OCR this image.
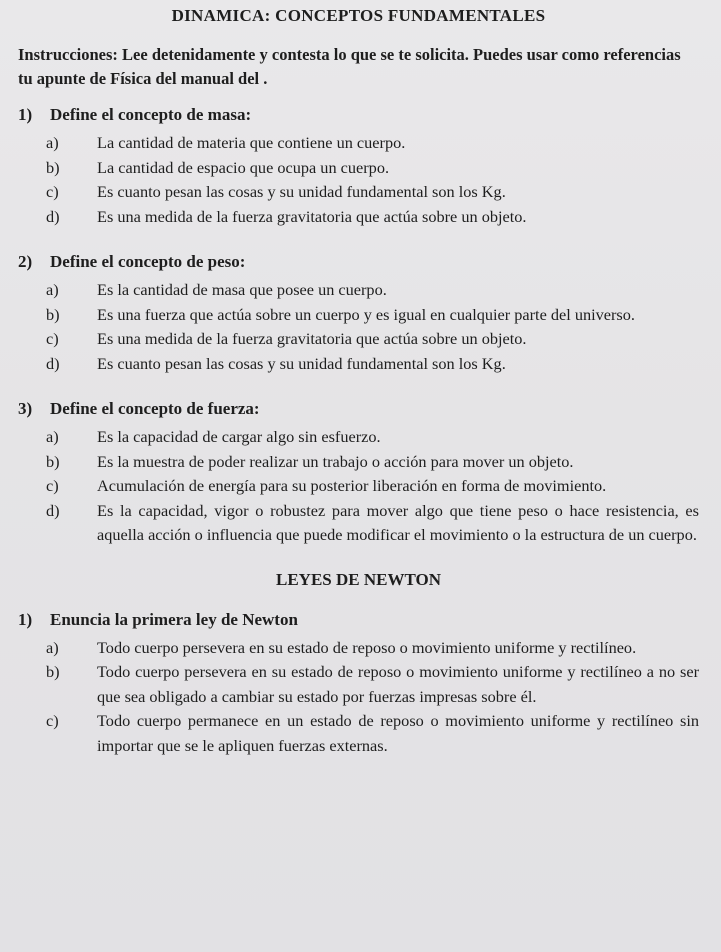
DINAMICA: CONCEPTOS FUNDAMENTALES
Instrucciones: Lee detenidamente y contesta lo que se te solicita. Puedes usar como referencias tu apunte de Física del manual del .
1)	Define el concepto de masa:
a)	La cantidad de materia que contiene un cuerpo.
b)	La cantidad de espacio que ocupa un cuerpo.
c)	Es cuanto pesan las cosas y su unidad fundamental son los Kg.
d)	Es una medida de la fuerza gravitatoria que actúa sobre un objeto.
2)	Define el concepto de peso:
a)	Es la cantidad de masa que posee un cuerpo.
b)	Es una fuerza que actúa sobre un cuerpo y es igual en cualquier parte del universo.
c)	Es una medida de la fuerza gravitatoria que actúa sobre un objeto.
d)	Es cuanto pesan las cosas y su unidad fundamental son los Kg.
3)	Define el concepto de fuerza:
a)	Es la capacidad de cargar algo sin esfuerzo.
b)	Es la muestra de poder realizar un trabajo o acción para mover un objeto.
c)	Acumulación de energía para su posterior liberación en forma de movimiento.
d)	Es la capacidad, vigor o robustez para mover algo que tiene peso o hace resistencia, es aquella acción o influencia que puede modificar el movimiento o la estructura de un cuerpo.
LEYES DE NEWTON
1)	Enuncia la primera ley de Newton
a)	Todo cuerpo persevera en su estado de reposo o movimiento uniforme y rectilíneo.
b)	Todo cuerpo persevera en su estado de reposo o movimiento uniforme y rectilíneo a no ser que sea obligado a cambiar su estado por fuerzas impresas sobre él.
c)	Todo cuerpo permanece en un estado de reposo o movimiento uniforme y rectilíneo sin importar que se le apliquen fuerzas externas.
